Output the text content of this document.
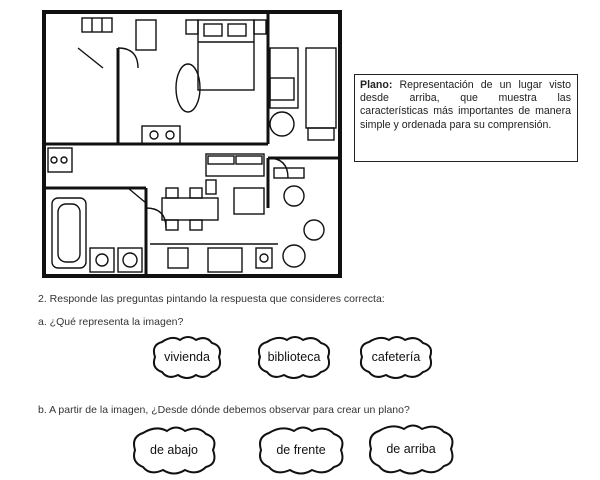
Plano: Representación de un lugar visto desde arriba, que muestra las características más importantes de manera simple y ordenada para su comprensión.
2. Responde las preguntas pintando la respuesta que consideres correcta:
a. ¿Qué representa la imagen?
vivienda	biblioteca	cafetería
b. A partir de la imagen, ¿Desde dónde debemos observar para crear un plano?
de abajo	de frente	de arriba
